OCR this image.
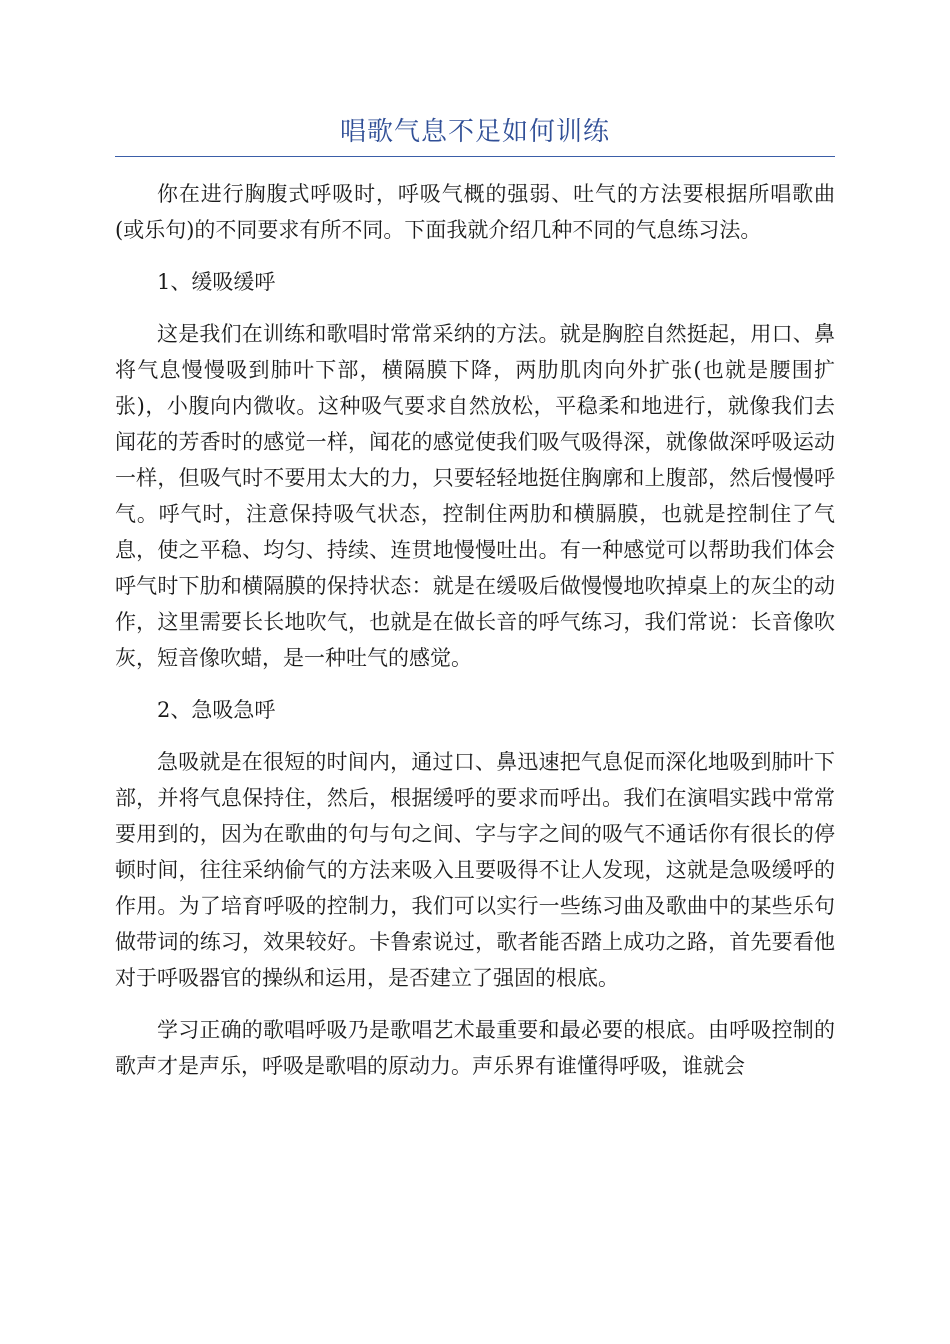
唱歌气息不足如何训练

你在进行胸腹式呼吸时，呼吸气概的强弱、吐气的方法要根据所唱歌曲(或乐句)的不同要求有所不同。下面我就介绍几种不同的气息练习法。

1、缓吸缓呼

这是我们在训练和歌唱时常常采纳的方法。就是胸腔自然挺起，用口、鼻将气息慢慢吸到肺叶下部，横隔膜下降，两肋肌肉向外扩张(也就是腰围扩张)，小腹向内微收。这种吸气要求自然放松，平稳柔和地进行，就像我们去闻花的芳香时的感觉一样，闻花的感觉使我们吸气吸得深，就像做深呼吸运动一样，但吸气时不要用太大的力，只要轻轻地挺住胸廓和上腹部，然后慢慢呼气。呼气时，注意保持吸气状态，控制住两肋和横膈膜，也就是控制住了气息，使之平稳、均匀、持续、连贯地慢慢吐出。有一种感觉可以帮助我们体会呼气时下肋和横隔膜的保持状态：就是在缓吸后做慢慢地吹掉桌上的灰尘的动作，这里需要长长地吹气，也就是在做长音的呼气练习，我们常说：长音像吹灰，短音像吹蜡，是一种吐气的感觉。

2、急吸急呼

急吸就是在很短的时间内，通过口、鼻迅速把气息促而深化地吸到肺叶下部，并将气息保持住，然后，根据缓呼的要求而呼出。我们在演唱实践中常常要用到的，因为在歌曲的句与句之间、字与字之间的吸气不通话你有很长的停顿时间，往往采纳偷气的方法来吸入且要吸得不让人发现，这就是急吸缓呼的作用。为了培育呼吸的控制力，我们可以实行一些练习曲及歌曲中的某些乐句做带词的练习，效果较好。卡鲁索说过，歌者能否踏上成功之路，首先要看他对于呼吸器官的操纵和运用，是否建立了强固的根底。

学习正确的歌唱呼吸乃是歌唱艺术最重要和最必要的根底。由呼吸控制的歌声才是声乐，呼吸是歌唱的原动力。声乐界有谁懂得呼吸，谁就会
